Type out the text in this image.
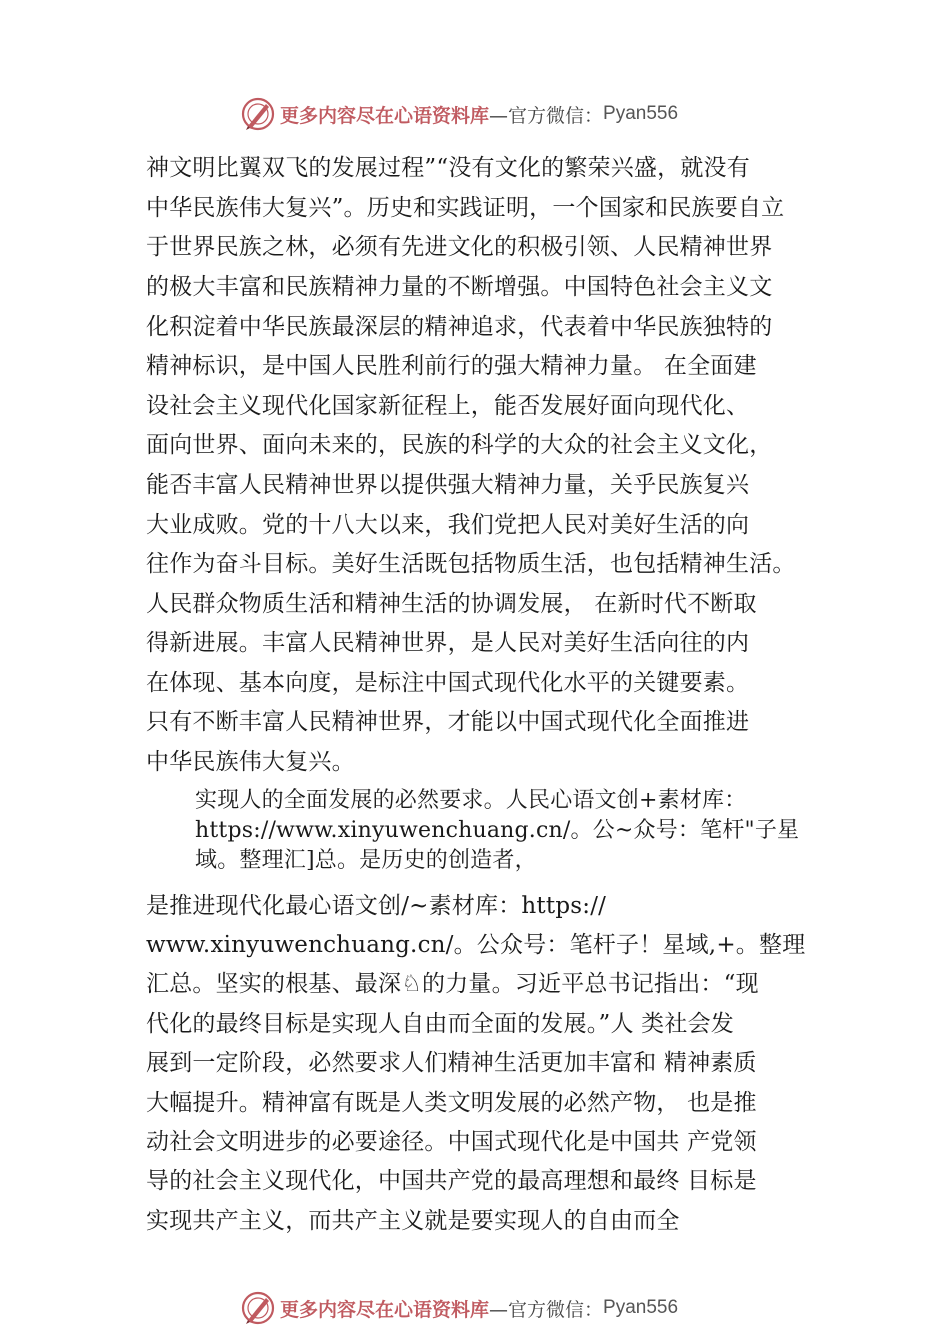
更多内容尽在心语资料库 —官方微信： Pyan556
神文明比翼双飞的发展过程”“没有文化的繁荣兴盛，就没有
中华民族伟大复兴”。历史和实践证明，一个国家和民族要自立
于世界民族之林，必须有先进文化的积极引领、人民精神世界
的极大丰富和民族精神力量的不断增强。中国特色社会主义文
化积淀着中华民族最深层的精神追求，代表着中华民族独特的
精神标识，是中国人民胜利前行的强大精神力量。 在全面建
设社会主义现代化国家新征程上，能否发展好面向现代化、
面向世界、面向未来的，民族的科学的大众的社会主义文化，
能否丰富人民精神世界以提供强大精神力量，关乎民族复兴
大业成败。党的十八大以来，我们党把人民对美好生活的向
往作为奋斗目标。美好生活既包括物质生活，也包括精神生活。
人民群众物质生活和精神生活的协调发展， 在新时代不断取
得新进展。丰富人民精神世界，是人民对美好生活向往的内
在体现、基本向度，是标注中国式现代化水平的关键要素。
只有不断丰富人民精神世界，才能以中国式现代化全面推进
中华民族伟大复兴。
实现人的全面发展的必然要求。人民心语文创+素材库：
https://www.xinyuwenchuang.cn/。公~众号：笔杆"子星
域。整理汇]总。是历史的创造者，
是推进现代化最心语文创/~素材库：https://
www.xinyuwenchuang.cn/。公众号：笔杆子！星域,+。整理
汇总。坚实的根基、最深♘的力量。习近平总书记指出：“现
代化的最终目标是实现人自由而全面的发展。”人 类社会发
展到一定阶段，必然要求人们精神生活更加丰富和 精神素质
大幅提升。精神富有既是人类文明发展的必然产物， 也是推
动社会文明进步的必要途径。中国式现代化是中国共 产党领
导的社会主义现代化，中国共产党的最高理想和最终 目标是
实现共产主义，而共产主义就是要实现人的自由而全
更多内容尽在心语资料库 —官方微信： Pyan556
